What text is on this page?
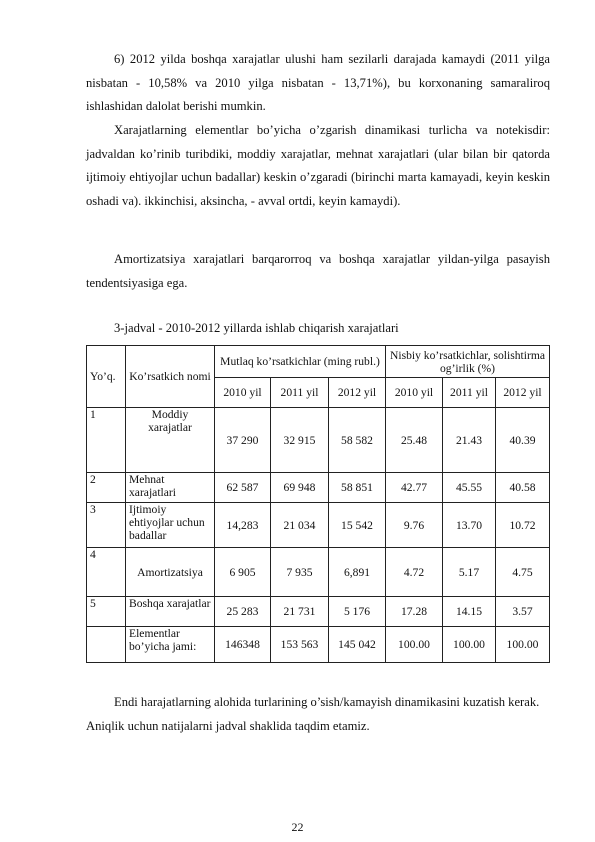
6) 2012 yilda boshqa xarajatlar ulushi ham sezilarli darajada kamaydi (2011 yilga nisbatan - 10,58% va 2010 yilga nisbatan - 13,71%), bu korxonaning samaraliroq ishlashidan dalolat berishi mumkin.

Xarajatlarning elementlar bo’yicha o’zgarish dinamikasi turlicha va notekisdir: jadvaldan ko’rinib turibdiki, moddiy xarajatlar, mehnat xarajatlari (ular bilan bir qatorda ijtimoiy ehtiyojlar uchun badallar) keskin o’zgaradi (birinchi marta kamayadi, keyin keskin oshadi va). ikkinchisi, aksincha, - avval ortdi, keyin kamaydi).

Amortizatsiya xarajatlari barqarorroq va boshqa xarajatlar yildan-yilga pasayish tendentsiyasiga ega.

3-jadval - 2010-2012 yillarda ishlab chiqarish xarajatlari

Yo’q.	Ko’rsatkich nomi	Mutlaq ko’rsatkichlar (ming rubl.)			Nisbiy ko’rsatkichlar, solishtirma og’irlik (%)		
		2010 yil	2011 yil	2012 yil	2010 yil	2011 yil	2012 yil
1	Moddiy xarajatlar	37 290	32 915	58 582	25.48	21.43	40.39
2	Mehnat xarajatlari	62 587	69 948	58 851	42.77	45.55	40.58
3	Ijtimoiy ehtiyojlar uchun badallar	14,283	21 034	15 542	9.76	13.70	10.72
4	Amortizatsiya	6 905	7 935	6,891	4.72	5.17	4.75
5	Boshqa xarajatlar	25 283	21 731	5 176	17.28	14.15	3.57
	Elementlar bo’yicha jami:	146348	153 563	145 042	100.00	100.00	100.00

Endi harajatlarning alohida turlarining o’sish/kamayish dinamikasini kuzatish kerak. Aniqlik uchun natijalarni jadval shaklida taqdim etamiz.

22
